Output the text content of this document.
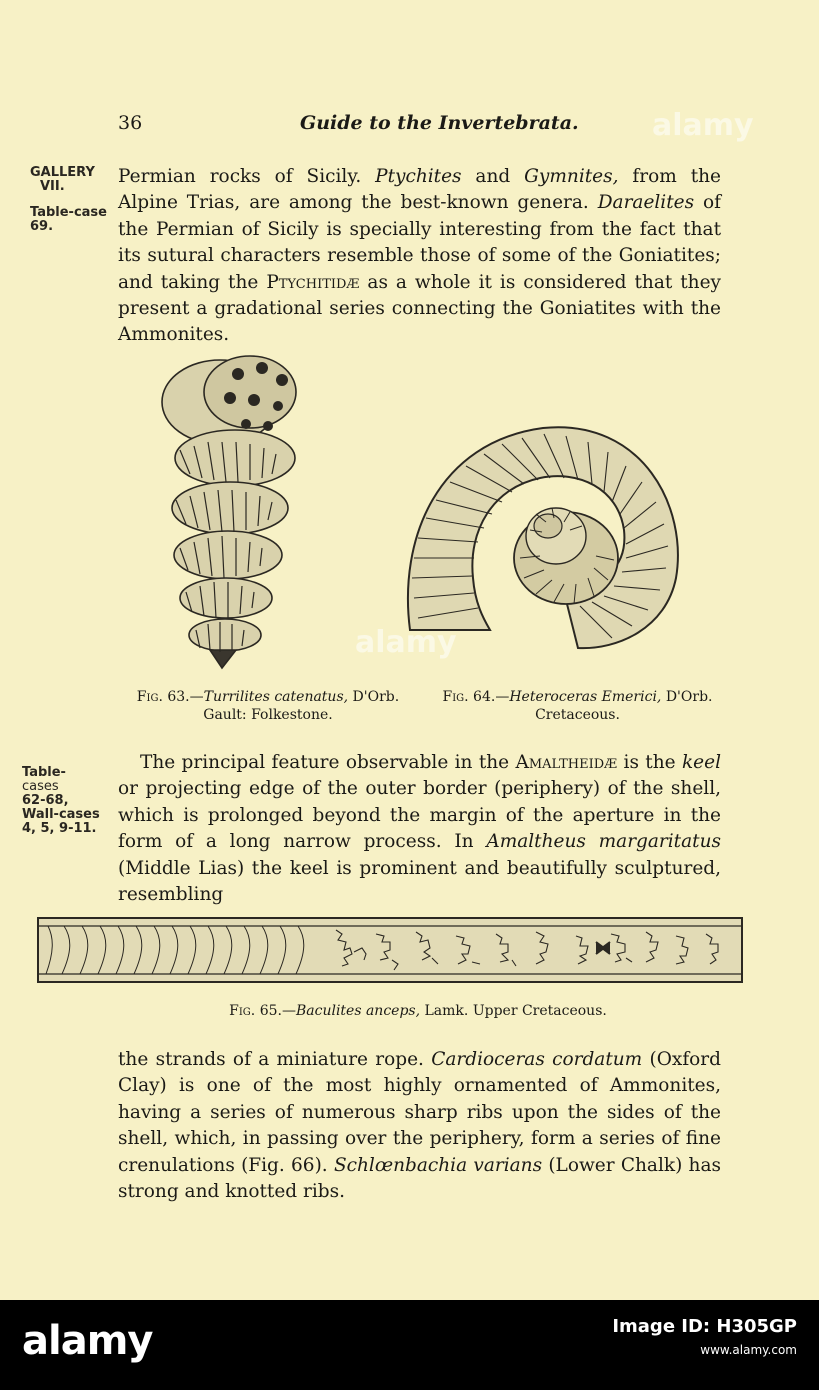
36	Guide to the Invertebrata.
GALLERY
VII.
Table-case
69.
Permian rocks of Sicily. Ptychites and Gymnites, from the Alpine Trias, are among the best-known genera. Daraelites of the Permian of Sicily is specially interesting from the fact that its sutural characters resemble those of some of the Goniatites; and taking the Ptychitidæ as a whole it is considered that they present a gradational series connecting the Goniatites with the Ammonites.
Fig. 63.—Turrilites catenatus, D'Orb.
Gault: Folkestone.
Fig. 64.—Heteroceras Emerici, D'Orb.
Cretaceous.
Table-
cases
62-68,
Wall-cases
4, 5, 9-11.
The principal feature observable in the Amaltheidæ is the keel or projecting edge of the outer border (periphery) of the shell, which is prolonged beyond the margin of the aperture in the form of a long narrow process. In Amaltheus margaritatus (Middle Lias) the keel is prominent and beautifully sculptured, resembling
Fig. 65.—Baculites anceps, Lamk. Upper Cretaceous.
the strands of a miniature rope. Cardioceras cordatum (Oxford Clay) is one of the most highly ornamented of Ammonites, having a series of numerous sharp ribs upon the sides of the shell, which, in passing over the periphery, form a series of fine crenulations (Fig. 66). Schlœnbachia varians (Lower Chalk) has strong and knotted ribs.
alamy
alamy
alamy	Image ID: H305GP
www.alamy.com
